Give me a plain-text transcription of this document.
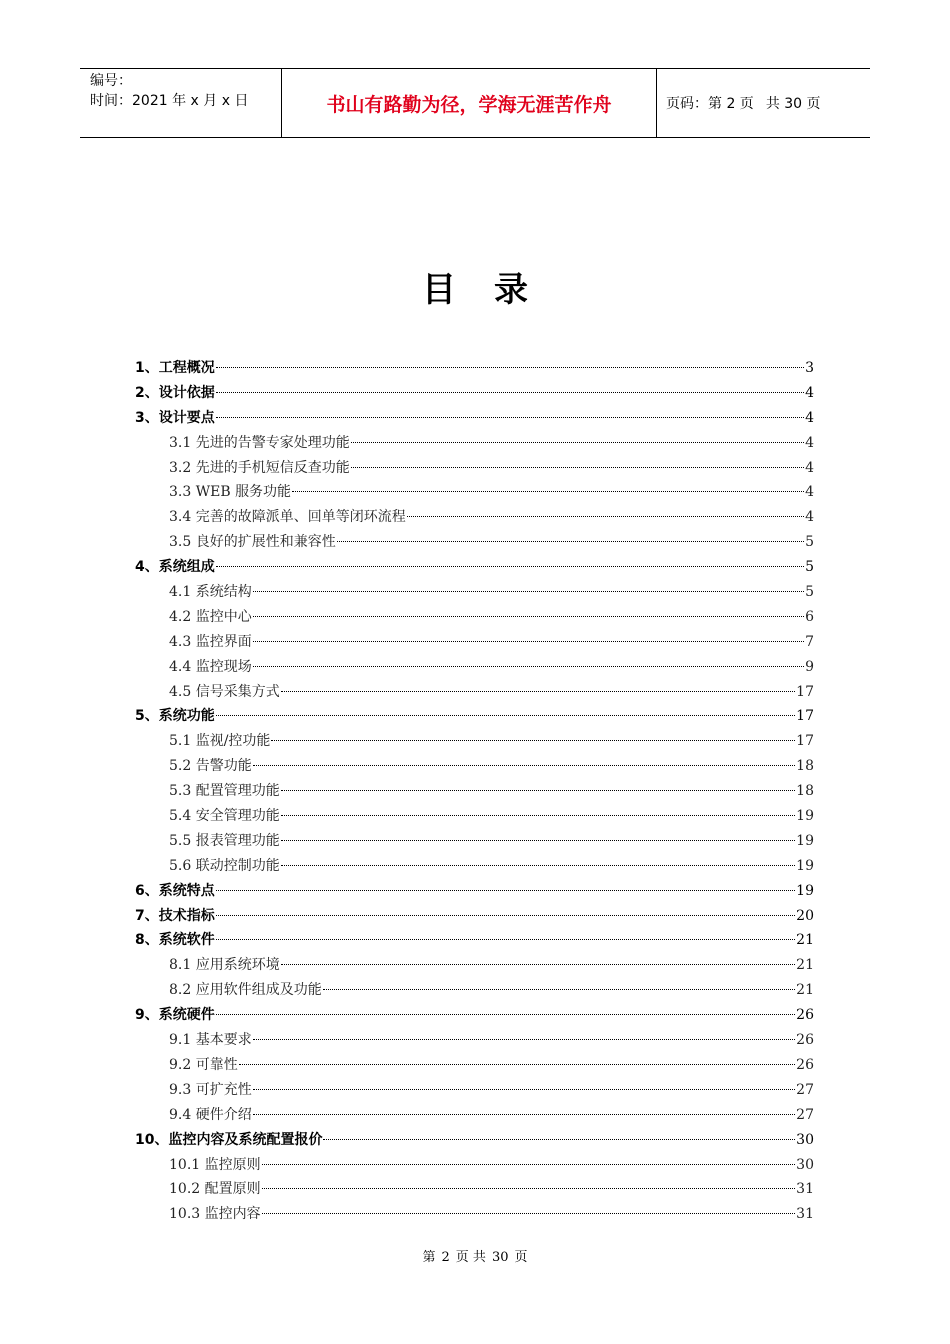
编号：
时间：2021 年 x 月 x 日	书山有路勤为径，学海无涯苦作舟	页码：第 2 页 共 30 页
目录
1、工程概况	3
2、设计依据	4
3、设计要点	4
3.1 先进的告警专家处理功能	4
3.2 先进的手机短信反查功能	4
3.3 WEB 服务功能	4
3.4 完善的故障派单、回单等闭环流程	4
3.5 良好的扩展性和兼容性	5
4、系统组成	5
4.1 系统结构	5
4.2 监控中心	6
4.3 监控界面	7
4.4 监控现场	9
4.5 信号采集方式	17
5、系统功能	17
5.1 监视/控功能	17
5.2 告警功能	18
5.3 配置管理功能	18
5.4 安全管理功能	19
5.5 报表管理功能	19
5.6 联动控制功能	19
6、系统特点	19
7、技术指标	20
8、系统软件	21
8.1 应用系统环境	21
8.2 应用软件组成及功能	21
9、系统硬件	26
9.1 基本要求	26
9.2 可靠性	26
9.3 可扩充性	27
9.4 硬件介绍	27
10、监控内容及系统配置报价	30
10.1 监控原则	30
10.2 配置原则	31
10.3 监控内容	31
第 2 页 共 30 页
